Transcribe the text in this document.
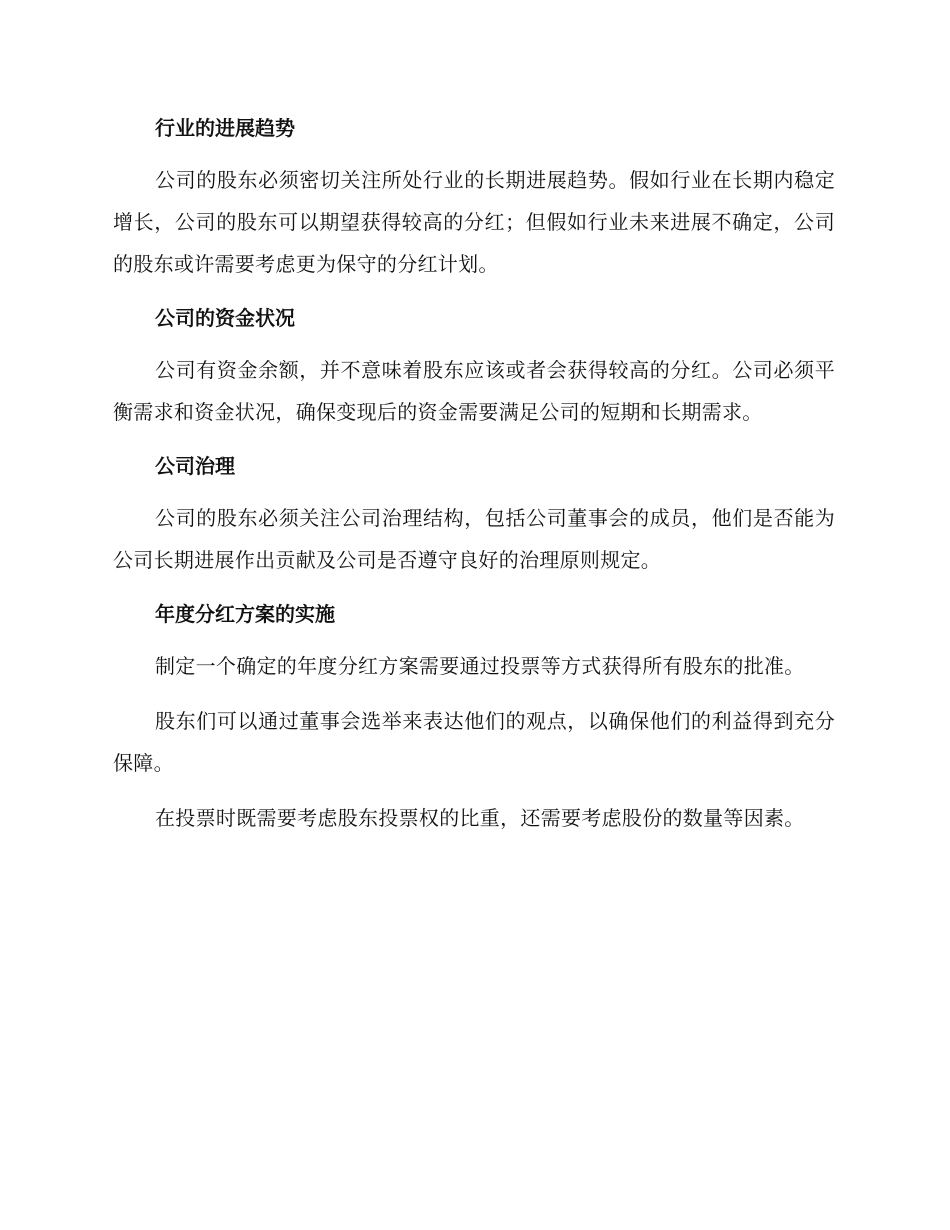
行业的进展趋势

公司的股东必须密切关注所处行业的长期进展趋势。假如行业在长期内稳定增长，公司的股东可以期望获得较高的分红；但假如行业未来进展不确定，公司的股东或许需要考虑更为保守的分红计划。

公司的资金状况

公司有资金余额，并不意味着股东应该或者会获得较高的分红。公司必须平衡需求和资金状况，确保变现后的资金需要满足公司的短期和长期需求。

公司治理

公司的股东必须关注公司治理结构，包括公司董事会的成员，他们是否能为公司长期进展作出贡献及公司是否遵守良好的治理原则规定。

年度分红方案的实施

制定一个确定的年度分红方案需要通过投票等方式获得所有股东的批准。

股东们可以通过董事会选举来表达他们的观点，以确保他们的利益得到充分保障。

在投票时既需要考虑股东投票权的比重，还需要考虑股份的数量等因素。
